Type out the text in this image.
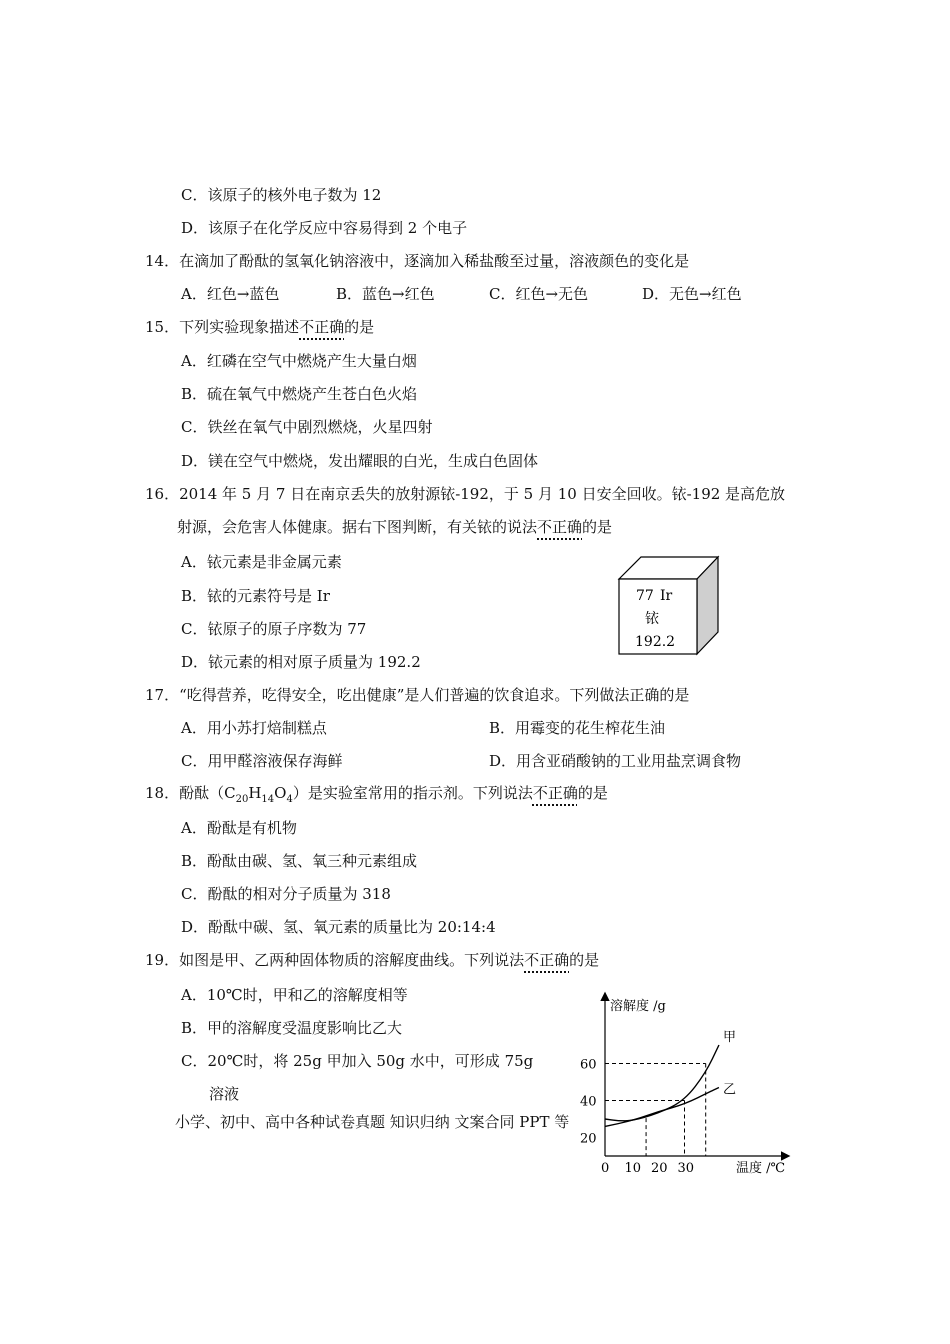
C．该原子的核外电子数为 12
D．该原子在化学反应中容易得到 2 个电子
14．在滴加了酚酞的氢氧化钠溶液中，逐滴加入稀盐酸至过量，溶液颜色的变化是
A．红色→蓝色	B．蓝色→红色	C．红色→无色	D．无色→红色
15．下列实验现象描述不正确的是
A．红磷在空气中燃烧产生大量白烟
B．硫在氧气中燃烧产生苍白色火焰
C．铁丝在氧气中剧烈燃烧，火星四射
D．镁在空气中燃烧，发出耀眼的白光，生成白色固体
16．2014 年 5 月 7 日在南京丢失的放射源铱-192，于 5 月 10 日安全回收。铱-192 是高危放
射源，会危害人体健康。据右下图判断，有关铱的说法不正确的是
A．铱元素是非金属元素
B．铱的元素符号是 Ir
C．铱原子的原子序数为 77
D．铱元素的相对原子质量为 192.2
77 Ir
铱
192.2
17．“吃得营养，吃得安全，吃出健康”是人们普遍的饮食追求。下列做法正确的是
A．用小苏打焙制糕点	B．用霉变的花生榨花生油
C．用甲醛溶液保存海鲜	D．用含亚硝酸钠的工业用盐烹调食物
18．酚酞$(C_{20}H_{14}O_4)$是实验室常用的指示剂。下列说法不正确的是
A．酚酞是有机物
B．酚酞由碳、氢、氧三种元素组成
C．酚酞的相对分子质量为 318
D．酚酞中碳、氢、氧元素的质量比为 20:14:4
19．如图是甲、乙两种固体物质的溶解度曲线。下列说法不正确的是
A．10℃时，甲和乙的溶解度相等
B．甲的溶解度受温度影响比乙大
C．20℃时，将 25g 甲加入 50g 水中，可形成 75g
溶液
小学、初中、高中各种试卷真题 知识归纳 文案合同 PPT 等
溶解度 /g
温度 /℃
20
40
60
0 10 20 30
甲
乙
